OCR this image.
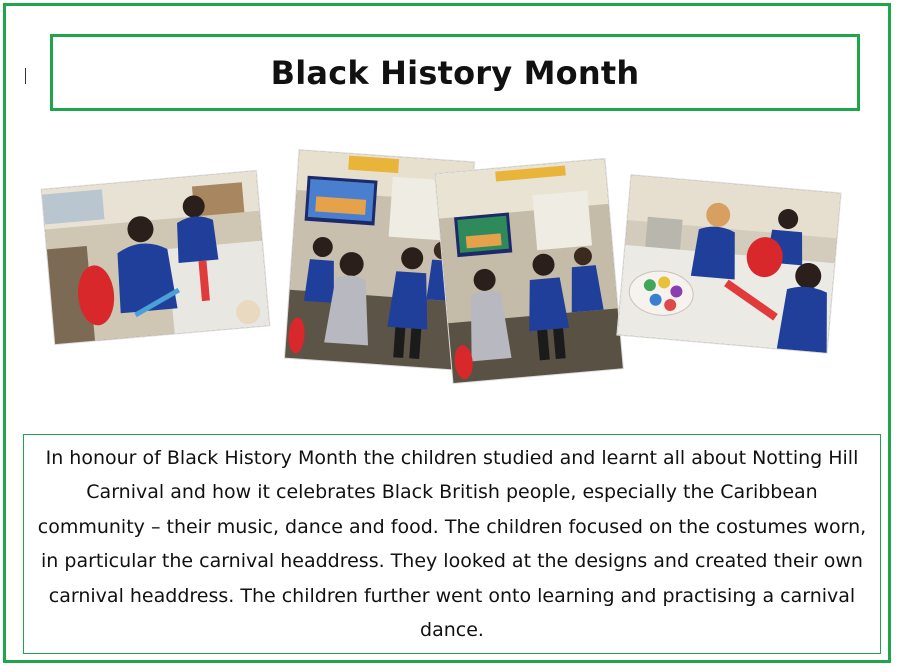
Black History Month

In honour of Black History Month the children studied and learnt all about Notting Hill Carnival and how it celebrates Black British people, especially the Caribbean community – their music, dance and food. The children focused on the costumes worn, in particular the carnival headdress. They looked at the designs and created their own carnival headdress. The children further went onto learning and practising a carnival dance.
